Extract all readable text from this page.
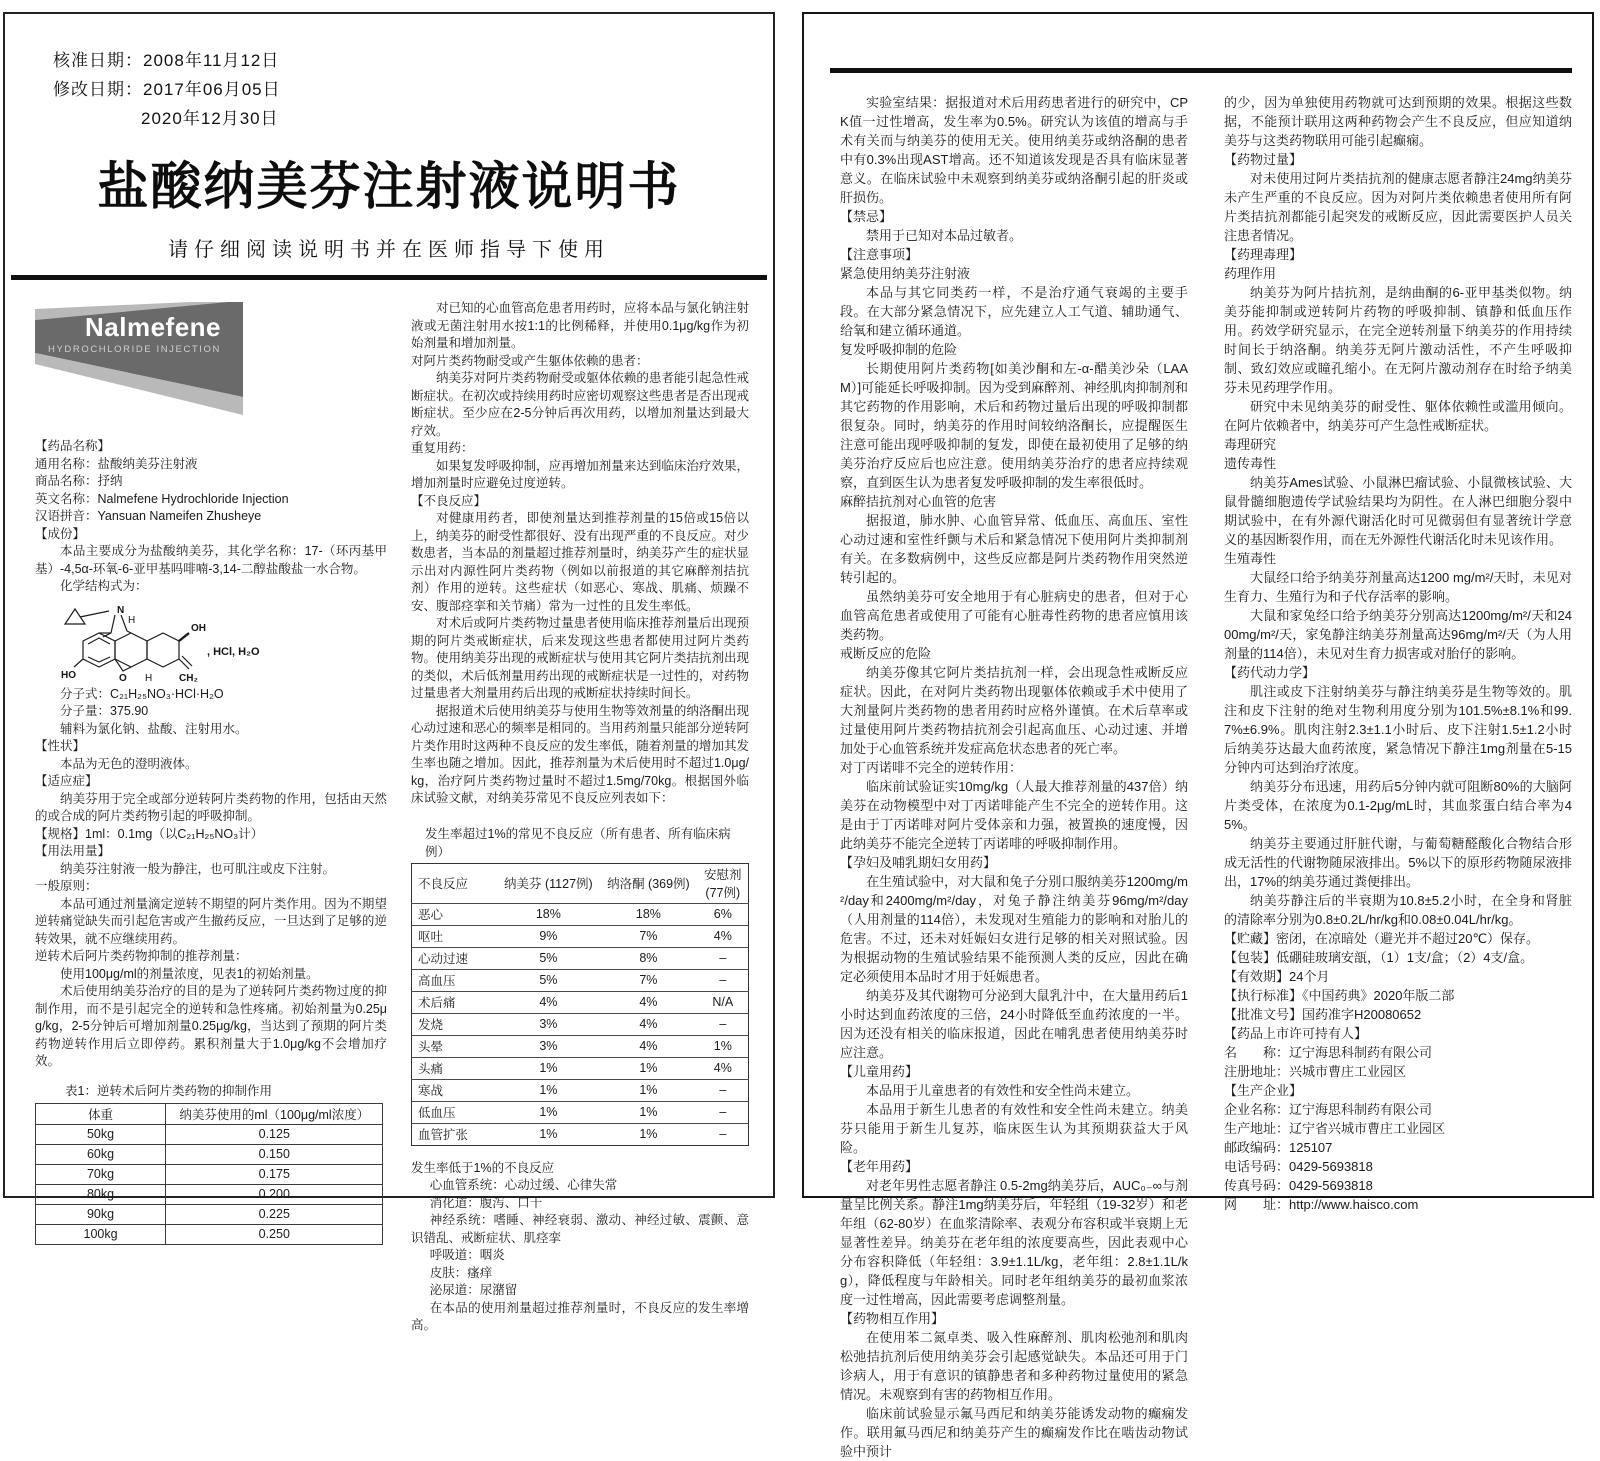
核准日期：2008年11月12日
修改日期：2017年06月05日
2020年12月30日
盐酸纳美芬注射液说明书
请仔细阅读说明书并在医师指导下使用
Nalmefene
HYDROCHLORIDE INJECTION
【药品名称】
通用名称：盐酸纳美芬注射液
商品名称：抒纳
英文名称：Nalmefene Hydrochloride Injection
汉语拼音：Yansuan Nameifen Zhusheye
【成份】
本品主要成分为盐酸纳美芬，其化学名称：17-（环丙基甲基）-4,5α-环氧-6-亚甲基吗啡喃-3,14-二醇盐酸盐一水合物。
化学结构式为：
N
H
OH
HO	O H	CH₂
, HCl, H₂O
分子式：C₂₁H₂₅NO₃·HCl·H₂O
分子量：375.90
辅料为氯化钠、盐酸、注射用水。
【性状】
本品为无色的澄明液体。
【适应症】
纳美芬用于完全或部分逆转阿片类药物的作用，包括由天然的或合成的阿片类药物引起的呼吸抑制。
【规格】1ml：0.1mg（以C₂₁H₂₅NO₃计）
【用法用量】
纳美芬注射液一般为静注，也可肌注或皮下注射。
一般原则：
本品可通过剂量滴定逆转不期望的阿片类作用。因为不期望逆转痛觉缺失而引起危害或产生撤药反应，一旦达到了足够的逆转效果，就不应继续用药。
逆转术后阿片类药物抑制的推荐剂量：
使用100μg/ml的剂量浓度，见表1的初始剂量。
术后使用纳美芬治疗的目的是为了逆转阿片类药物过度的抑制作用，而不是引起完全的逆转和急性疼痛。初始剂量为0.25μg/kg，2-5分钟后可增加剂量0.25μg/kg，当达到了预期的阿片类药物逆转作用后立即停药。累积剂量大于1.0μg/kg不会增加疗效。
表1：逆转术后阿片类药物的抑制作用
体重	纳美芬使用的ml（100μg/ml浓度）
50kg	0.125
60kg	0.150
70kg	0.175
80kg	0.200
90kg	0.225
100kg	0.250
对已知的心血管高危患者用药时，应将本品与氯化钠注射液或无菌注射用水按1:1的比例稀释，并使用0.1μg/kg作为初始剂量和增加剂量。
对阿片类药物耐受或产生躯体依赖的患者：
纳美芬对阿片类药物耐受或躯体依赖的患者能引起急性戒断症状。在初次或持续用药时应密切观察这些患者是否出现戒断症状。至少应在2-5分钟后再次用药，以增加剂量达到最大疗效。
重复用药：
如果复发呼吸抑制，应再增加剂量来达到临床治疗效果，增加剂量时应避免过度逆转。
【不良反应】
对健康用药者，即使剂量达到推荐剂量的15倍或15倍以上，纳美芬的耐受性都很好、没有出现严重的不良反应。对少数患者，当本品的剂量超过推荐剂量时，纳美芬产生的症状显示出对内源性阿片类药物（例如以前报道的其它麻醉剂拮抗剂）作用的逆转。这些症状（如恶心、寒战、肌痛、烦躁不安、腹部痉挛和关节痛）常为一过性的且发生率低。
对术后或阿片类药物过量患者使用临床推荐剂量后出现预期的阿片类戒断症状，后来发现这些患者都使用过阿片类药物。使用纳美芬出现的戒断症状与使用其它阿片类拮抗剂出现的类似，术后低剂量用药出现的戒断症状是一过性的，对药物过量患者大剂量用药后出现的戒断症状持续时间长。
据报道术后使用纳美芬与使用生物等效剂量的纳洛酮出现心动过速和恶心的频率是相同的。当用药剂量只能部分逆转阿片类作用时这两种不良反应的发生率低，随着剂量的增加其发生率也随之增加。因此，推荐剂量为术后使用时不超过1.0μg/kg，治疗阿片类药物过量时不超过1.5mg/70kg。根据国外临床试验文献，对纳美芬常见不良反应列表如下：
发生率超过1%的常见不良反应（所有患者、所有临床病例）
不良反应	纳美芬 (1127例)	纳洛酮 (369例)	安慰剂 (77例)
恶心	18%	18%	6%
呕吐	9%	7%	4%
心动过速	5%	8%	–
高血压	5%	7%	–
术后痛	4%	4%	N/A
发烧	3%	4%	–
头晕	3%	4%	1%
头痛	1%	1%	4%
寒战	1%	1%	–
低血压	1%	1%	–
血管扩张	1%	1%	–
发生率低于1%的不良反应
心血管系统：心动过缓、心律失常
消化道：腹泻、口干
神经系统：嗜睡、神经衰弱、激动、神经过敏、震颤、意识错乱、戒断症状、肌痉挛
呼吸道：咽炎
皮肤：瘙痒
泌尿道：尿潴留
在本品的使用剂量超过推荐剂量时，不良反应的发生率增高。
实验室结果：据报道对术后用药患者进行的研究中，CPK值一过性增高，发生率为0.5%。研究认为该值的增高与手术有关而与纳美芬的使用无关。使用纳美芬或纳洛酮的患者中有0.3%出现AST增高。还不知道该发现是否具有临床显著意义。在临床试验中未观察到纳美芬或纳洛酮引起的肝炎或肝损伤。
【禁忌】
禁用于已知对本品过敏者。
【注意事项】
紧急使用纳美芬注射液
本品与其它同类药一样，不是治疗通气衰竭的主要手段。在大部分紧急情况下，应先建立人工气道、辅助通气、给氧和建立循环通道。
复发呼吸抑制的危险
长期使用阿片类药物[如美沙酮和左-α-醋美沙朵（LAAM）]可能延长呼吸抑制。因为受到麻醉剂、神经肌肉抑制剂和其它药物的作用影响，术后和药物过量后出现的呼吸抑制都很复杂。同时，纳美芬的作用时间较纳洛酮长，应提醒医生注意可能出现呼吸抑制的复发，即使在最初使用了足够的纳美芬治疗反应后也应注意。使用纳美芬治疗的患者应持续观察，直到医生认为患者复发呼吸抑制的发生率很低时。
麻醉拮抗剂对心血管的危害
据报道，肺水肿、心血管异常、低血压、高血压、室性心动过速和室性纤颤与术后和紧急情况下使用阿片类抑制剂有关。在多数病例中，这些反应都是阿片类药物作用突然逆转引起的。
虽然纳美芬可安全地用于有心脏病史的患者，但对于心血管高危患者或使用了可能有心脏毒性药物的患者应慎用该类药物。
戒断反应的危险
纳美芬像其它阿片类拮抗剂一样，会出现急性戒断反应症状。因此，在对阿片类药物出现躯体依赖或手术中使用了大剂量阿片类药物的患者用药时应格外谨慎。在术后草率或过量使用阿片类药物拮抗剂会引起高血压、心动过速、并增加处于心血管系统并发症高危状态患者的死亡率。
对丁丙诺啡不完全的逆转作用：
临床前试验证实10mg/kg（人最大推荐剂量的437倍）纳美芬在动物模型中对丁丙诺啡能产生不完全的逆转作用。这是由于丁丙诺啡对阿片受体亲和力强，被置换的速度慢，因此纳美芬不能完全逆转丁丙诺啡的呼吸抑制作用。
【孕妇及哺乳期妇女用药】
在生殖试验中，对大鼠和兔子分别口服纳美芬1200mg/m²/day和2400mg/m²/day，对兔子静注纳美芬96mg/m²/day（人用剂量的114倍），未发现对生殖能力的影响和对胎儿的危害。不过，还未对妊娠妇女进行足够的相关对照试验。因为根据动物的生殖试验结果不能预测人类的反应，因此在确定必须使用本品时才用于妊娠患者。
纳美芬及其代谢物可分泌到大鼠乳汁中，在大量用药后1小时达到血药浓度的三倍，24小时降低至血药浓度的一半。因为还没有相关的临床报道，因此在哺乳患者使用纳美芬时应注意。
【儿童用药】
本品用于儿童患者的有效性和安全性尚未建立。
本品用于新生儿患者的有效性和安全性尚未建立。纳美芬只能用于新生儿复苏，临床医生认为其预期获益大于风险。
【老年用药】
对老年男性志愿者静注 0.5-2mg纳美芬后，AUC₀₋∞与剂量呈比例关系。静注1mg纳美芬后，年轻组（19-32岁）和老年组（62-80岁）在血浆清除率、表观分布容积或半衰期上无显著性差异。纳美芬在老年组的浓度要高些，因此表观中心分布容积降低（年轻组：3.9±1.1L/kg，老年组：2.8±1.1L/kg），降低程度与年龄相关。同时老年组纳美芬的最初血浆浓度一过性增高，因此需要考虑调整剂量。
【药物相互作用】
在使用苯二氮卓类、吸入性麻醉剂、肌肉松弛剂和肌肉松弛拮抗剂后使用纳美芬会引起感觉缺失。本品还可用于门诊病人，用于有意识的镇静患者和多种药物过量使用的紧急情况。未观察到有害的药物相互作用。
临床前试验显示氟马西尼和纳美芬能诱发动物的癫痫发作。联用氟马西尼和纳美芬产生的癫痫发作比在啮齿动物试验中预计
的少，因为单独使用药物就可达到预期的效果。根据这些数据，不能预计联用这两种药物会产生不良反应，但应知道纳美芬与这类药物联用可能引起癫痫。
【药物过量】
对未使用过阿片类拮抗剂的健康志愿者静注24mg纳美芬未产生严重的不良反应。因为对阿片类依赖患者使用所有阿片类拮抗剂都能引起突发的戒断反应，因此需要医护人员关注患者情况。
【药理毒理】
药理作用
纳美芬为阿片拮抗剂，是纳曲酮的6-亚甲基类似物。纳美芬能抑制或逆转阿片药物的呼吸抑制、镇静和低血压作用。药效学研究显示，在完全逆转剂量下纳美芬的作用持续时间长于纳洛酮。纳美芬无阿片激动活性，不产生呼吸抑制、致幻效应或瞳孔缩小。在无阿片激动剂存在时给予纳美芬未见药理学作用。
研究中未见纳美芬的耐受性、躯体依赖性或滥用倾向。在阿片依赖者中，纳美芬可产生急性戒断症状。
毒理研究
遗传毒性
纳美芬Ames试验、小鼠淋巴瘤试验、小鼠微核试验、大鼠骨髓细胞遗传学试验结果均为阴性。在人淋巴细胞分裂中期试验中，在有外源代谢活化时可见微弱但有显著统计学意义的基因断裂作用，而在无外源性代谢活化时未见该作用。
生殖毒性
大鼠经口给予纳美芬剂量高达1200 mg/m²/天时，未见对生育力、生殖行为和子代存活率的影响。
大鼠和家兔经口给予纳美芬分别高达1200mg/m²/天和2400mg/m²/天，家兔静注纳美芬剂量高达96mg/m²/天（为人用剂量的114倍），未见对生育力损害或对胎仔的影响。
【药代动力学】
肌注或皮下注射纳美芬与静注纳美芬是生物等效的。肌注和皮下注射的绝对生物利用度分别为101.5%±8.1%和99.7%±6.9%。肌肉注射2.3±1.1小时后、皮下注射1.5±1.2小时后纳美芬达最大血药浓度，紧急情况下静注1mg剂量在5-15分钟内可达到治疗浓度。
纳美芬分布迅速，用药后5分钟内就可阻断80%的大脑阿片类受体，在浓度为0.1-2μg/mL时，其血浆蛋白结合率为45%。
纳美芬主要通过肝脏代谢，与葡萄糖醛酸化合物结合形成无活性的代谢物随尿液排出。5%以下的原形药物随尿液排出，17%的纳美芬通过粪便排出。
纳美芬静注后的半衰期为10.8±5.2小时，在全身和肾脏的清除率分别为0.8±0.2L/hr/kg和0.08±0.04L/hr/kg。
【贮藏】密闭，在凉暗处（避光并不超过20℃）保存。
【包装】低硼硅玻璃安瓿，（1）1支/盒；（2）4支/盒。
【有效期】24个月
【执行标准】《中国药典》2020年版二部
【批准文号】国药准字H20080652
【药品上市许可持有人】
名　　称：辽宁海思科制药有限公司
注册地址：兴城市曹庄工业园区
【生产企业】
企业名称：辽宁海思科制药有限公司
生产地址：辽宁省兴城市曹庄工业园区
邮政编码：125107
电话号码：0429-5693818
传真号码：0429-5693818
网　　址：http://www.haisco.com
